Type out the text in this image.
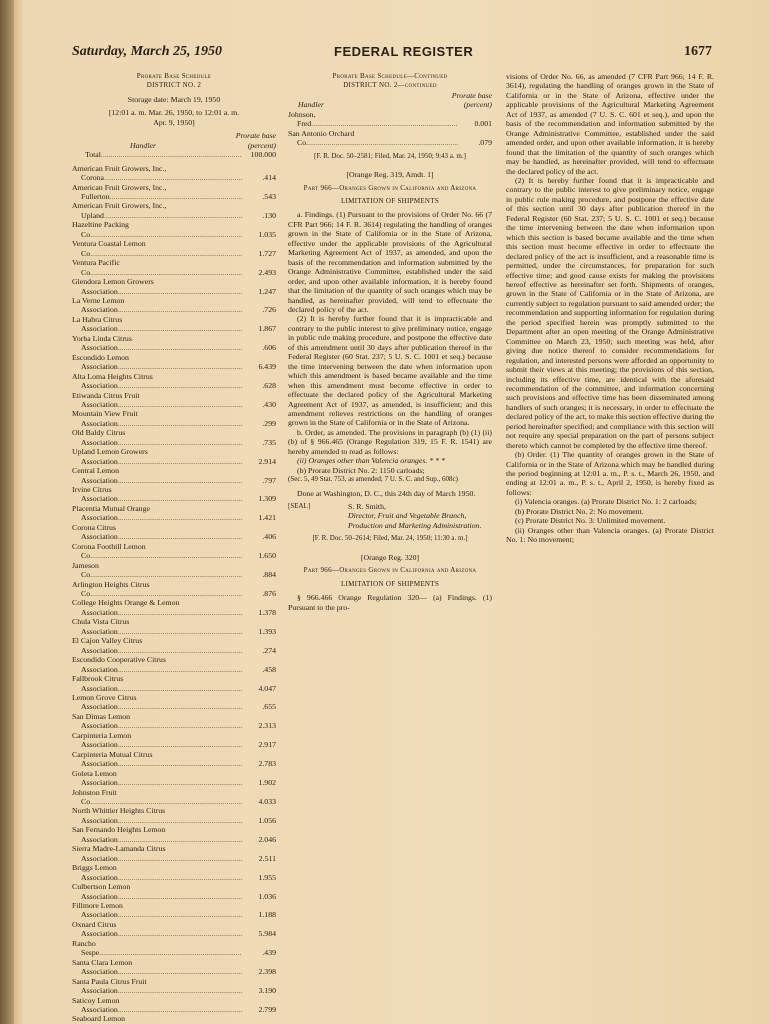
Saturday, March 25, 1950	FEDERAL REGISTER	1677
Prorate Base Schedule
DISTRICT NO. 2
Storage date: March 19, 1950
[12:01 a. m. Mar. 26, 1950, to 12:01 a. m.
Apr. 9, 1950]
Handler
Prorate base
(percent)
Total .....	100.000
American Fruit Growers, Inc., Corona .....	.414
American Fruit Growers, Inc., Fullerton .....	.543
American Fruit Growers, Inc., Upland .....	.130
Hazeltine Packing Co .....	1.035
Ventura Coastal Lemon Co .....	1.727
Ventura Pacific Co .....	2.493
Glendora Lemon Growers Association .....	1.247
La Verne Lemon Association .....	.726
La Habra Citrus Association .....	1.867
Yorba Linda Citrus Association .....	.606
Escondido Lemon Association .....	6.439
Alta Loma Heights Citrus Association .....	.628
Etiwanda Citrus Fruit Association .....	.430
Mountain View Fruit Association .....	.299
Old Baldy Citrus Association .....	.735
Upland Lemon Growers Association .....	2.914
Central Lemon Association .....	.797
Irvine Citrus Association .....	1.309
Placentia Mutual Orange Association .....	1.421
Corona Citrus Association .....	.406
Corona Foothill Lemon Co .....	1.650
Jameson Co .....	.884
Arlington Heights Citrus Co .....	.876
College Heights Orange & Lemon Association .....	1.378
Chula Vista Citrus Association .....	1.393
El Cajon Valley Citrus Association .....	.274
Escondido Cooperative Citrus Association .....	.458
Fallbrook Citrus Association .....	4.047
Lemon Grove Citrus Association .....	.655
San Dimas Lemon Association .....	2.313
Carpinteria Lemon Association .....	2.917
Carpinteria Mutual Citrus Association .....	2.783
Goleta Lemon Association .....	1.902
Johnston Fruit Co .....	4.033
North Whittier Heights Citrus Association .....	1.056
San Fernando Heights Lemon Association .....	2.046
Sierra Madre-Lamanda Citrus Association .....	2.511
Briggs Lemon Association .....	1.955
Culbertson Lemon Association .....	1.036
Fillmore Lemon Association .....	1.188
Oxnard Citrus Association .....	5.984
Rancho Sespe .....	.439
Santa Clara Lemon Association .....	2.398
Santa Paula Citrus Fruit Association .....	3.190
Saticoy Lemon Association .....	2.799
Seaboard Lemon .....
Prorate Base Schedule—Continued
DISTRICT NO. 2—continued
Handler
Prorate base
(percent)
Johnson, Fred .....	0.001
San Antonio Orchard Co .....	.079

[F. R. Doc. 50–2581; Filed, Mar. 24, 1950; 9:43 a. m.]

[Orange Reg. 319, Amdt. 1]
Part 966—Oranges Grown in California and Arizona
LIMITATION OF SHIPMENTS

a. Findings. (1) Pursuant to the provisions of Order No. 66 (7 CFR Part 966; 14 F. R. 3614) regulating the handling of oranges grown in the State of California or in the State of Arizona, effective under the applicable provisions of the Agricultural Marketing Agreement Act of 1937, as amended, and upon the basis of the recommendation and information submitted by the Orange Administrative Committee, established under the said order, and upon other available information, it is hereby found that the limitation of the quantity of such oranges which may be handled, as hereinafter provided, will tend to effectuate the declared policy of the act.

(2) It is hereby further found that it is impracticable and contrary to the public interest to give preliminary notice, engage in public rule making procedure, and postpone the effective date of this amendment until 30 days after publication thereof in the Federal Register (60 Stat. 237; 5 U. S. C. 1001 et seq.) because the time intervening between the date when information upon which this amendment is based became available and the time when this amendment must become effective in order to effectuate the declared policy of the Agricultural Marketing Agreement Act of 1937, as amended, is insufficient; and this amendment relieves restrictions on the handling of oranges grown in the State of California or in the State of Arizona.

b. Order, as amended. The provisions in paragraph (b) (1) (ii) (b) of § 966.465 (Orange Regulation 319, 15 F. R. 1541) are hereby amended to read as follows:

(ii) Oranges other than Valencia oranges. * * *

(b) Prorate District No. 2: 1150 carloads;

(Sec. 5, 49 Stat. 753, as amended; 7 U. S. C. and Sup., 608c)

Done at Washington, D. C., this 24th day of March 1950.

[SEAL]	S. R. Smith,
Director, Fruit and Vegetable Branch, Production and Marketing Administration.

[F. R. Doc. 50–2614; Filed, Mar. 24, 1950; 11:30 a. m.]

[Orange Reg. 320]
Part 966—Oranges Grown in California and Arizona
LIMITATION OF SHIPMENTS

§ 966.466 Orange Regulation 320— (a) Findings. (1) Pursuant to the pro-

visions of Order No. 66, as amended (7 CFR Part 966; 14 F. R. 3614), regulating the handling of oranges grown in the State of California or in the State of Arizona, effective under the applicable provisions of the Agricultural Marketing Agreement Act of 1937, as amended (7 U. S. C. 601 et seq.), and upon the basis of the recommendation and information submitted by the Orange Administrative Committee, established under the said amended order, and upon other available information, it is hereby found that the limitation of the quantity of such oranges which may be handled, as hereinafter provided, will tend to effectuate the declared policy of the act.

(2) It is hereby further found that it is impracticable and contrary to the public interest to give preliminary notice, engage in public rule making procedure, and postpone the effective date of this section until 30 days after publication thereof in the Federal Register (60 Stat. 237; 5 U. S. C. 1001 et seq.) because the time intervening between the date when information upon which this section is based became available and the time when this section must become effective in order to effectuate the declared policy of the act is insufficient, and a reasonable time is permitted, under the circumstances, for preparation for such effective time; and good cause exists for making the provisions hereof effective as hereinafter set forth. Shipments of oranges, grown in the State of California or in the State of Arizona, are currently subject to regulation pursuant to said amended order; the recommendation and supporting information for regulation during the period specified herein was promptly submitted to the Department after an open meeting of the Orange Administrative Committee on March 23, 1950; such meeting was held, after giving due notice thereof to consider recommendations for regulation, and interested persons were afforded an opportunity to submit their views at this meeting; the provisions of this section, including its effective time, are identical with the aforesaid recommendation of the committee, and information concerning such provisions and effective time has been disseminated among handlers of such oranges; it is necessary, in order to effectuate the declared policy of the act, to make this section effective during the period hereinafter specified; and compliance with this section will not require any special preparation on the part of persons subject thereto which cannot be completed by the effective time thereof.

(b) Order. (1) The quantity of oranges grown in the State of California or in the State of Arizona which may be handled during the period beginning at 12:01 a. m., P. s. t., March 26, 1950, and ending at 12:01 a. m., P. s. t., April 2, 1950, is hereby fixed as follows:

(i) Valencia oranges. (a) Prorate District No. 1: 2 carloads;

(b) Prorate District No. 2: No movement.

(c) Prorate District No. 3: Unlimited movement.

(ii) Oranges other than Valencia oranges. (a) Prorate District No. 1: No movement;
